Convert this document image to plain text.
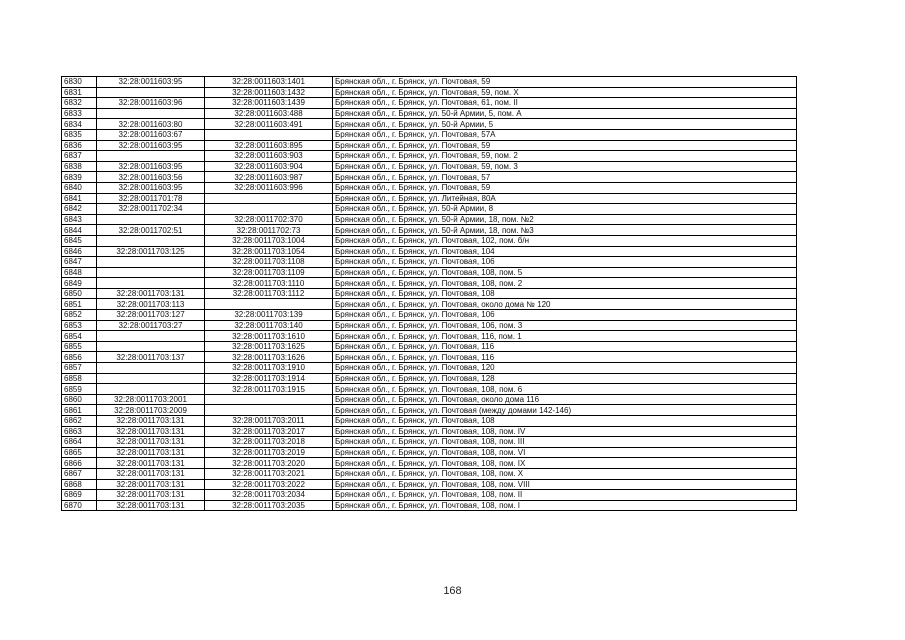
6830	32:28:0011603:95	32:28:0011603:1401	Брянская обл., г. Брянск, ул. Почтовая, 59
6831		32:28:0011603:1432	Брянская обл., г. Брянск, ул. Почтовая, 59, пом. X
6832	32:28:0011603:96	32:28:0011603:1439	Брянская обл., г. Брянск, ул. Почтовая, 61, пом. II
6833		32:28:0011603:488	Брянская обл., г. Брянск, ул. 50-й Армии, 5, пом. А
6834	32:28:0011603:80	32:28:0011603:491	Брянская обл., г. Брянск, ул. 50-й Армии, 5
6835	32:28:0011603:67		Брянская обл., г. Брянск, ул. Почтовая, 57А
6836	32:28:0011603:95	32:28:0011603:895	Брянская обл., г. Брянск, ул. Почтовая, 59
6837		32:28:0011603:903	Брянская обл., г. Брянск, ул. Почтовая, 59, пом. 2
6838	32:28:0011603:95	32:28:0011603:904	Брянская обл., г. Брянск, ул. Почтовая, 59, пом. 3
6839	32:28:0011603:56	32:28:0011603:987	Брянская обл., г. Брянск, ул. Почтовая, 57
6840	32:28:0011603:95	32:28:0011603:996	Брянская обл., г. Брянск, ул. Почтовая, 59
6841	32:28:0011701:78		Брянская обл., г. Брянск, ул. Литейная, 80А
6842	32:28:0011702:34		Брянская обл., г. Брянск, ул. 50-й Армии, 8
6843		32:28:0011702:370	Брянская обл., г. Брянск, ул. 50-й Армии, 18, пом. №2
6844	32:28:0011702:51	32:28:0011702:73	Брянская обл., г. Брянск, ул. 50-й Армии, 18, пом. №3
6845		32:28:0011703:1004	Брянская обл., г. Брянск, ул. Почтовая, 102, пом. б/н
6846	32:28:0011703:125	32:28:0011703:1054	Брянская обл., г. Брянск, ул. Почтовая, 104
6847		32:28:0011703:1108	Брянская обл., г. Брянск, ул. Почтовая, 106
6848		32:28:0011703:1109	Брянская обл., г. Брянск, ул. Почтовая, 108, пом. 5
6849		32:28:0011703:1110	Брянская обл., г. Брянск, ул. Почтовая, 108, пом. 2
6850	32:28:0011703:131	32:28:0011703:1112	Брянская обл., г. Брянск, ул. Почтовая, 108
6851	32:28:0011703:113		Брянская обл., г. Брянск, ул. Почтовая, около дома № 120
6852	32:28:0011703:127	32:28:0011703:139	Брянская обл., г. Брянск, ул. Почтовая, 106
6853	32:28:0011703:27	32:28:0011703:140	Брянская обл., г. Брянск, ул. Почтовая, 106, пом. 3
6854		32:28:0011703:1610	Брянская обл., г. Брянск, ул. Почтовая, 116, пом. 1
6855		32:28:0011703:1625	Брянская обл., г. Брянск, ул. Почтовая, 116
6856	32:28:0011703:137	32:28:0011703:1626	Брянская обл., г. Брянск, ул. Почтовая, 116
6857		32:28:0011703:1910	Брянская обл., г. Брянск, ул. Почтовая, 120
6858		32:28:0011703:1914	Брянская обл., г. Брянск, ул. Почтовая, 128
6859		32:28:0011703:1915	Брянская обл., г. Брянск, ул. Почтовая, 108, пом. 6
6860	32:28:0011703:2001		Брянская обл., г. Брянск, ул. Почтовая, около дома 116
6861	32:28:0011703:2009		Брянская обл., г. Брянск, ул. Почтовая (между домами 142-146)
6862	32:28:0011703:131	32:28:0011703:2011	Брянская обл., г. Брянск, ул. Почтовая, 108
6863	32:28:0011703:131	32:28:0011703:2017	Брянская обл., г. Брянск, ул. Почтовая, 108, пом. IV
6864	32:28:0011703:131	32:28:0011703:2018	Брянская обл., г. Брянск, ул. Почтовая, 108, пом. III
6865	32:28:0011703:131	32:28:0011703:2019	Брянская обл., г. Брянск, ул. Почтовая, 108, пом. VI
6866	32:28:0011703:131	32:28:0011703:2020	Брянская обл., г. Брянск, ул. Почтовая, 108, пом. IX
6867	32:28:0011703:131	32:28:0011703:2021	Брянская обл., г. Брянск, ул. Почтовая, 108, пом. X
6868	32:28:0011703:131	32:28:0011703:2022	Брянская обл., г. Брянск, ул. Почтовая, 108, пом. VIII
6869	32:28:0011703:131	32:28:0011703:2034	Брянская обл., г. Брянск, ул. Почтовая, 108, пом. II
6870	32:28:0011703:131	32:28:0011703:2035	Брянская обл., г. Брянск, ул. Почтовая, 108, пом. I
168
